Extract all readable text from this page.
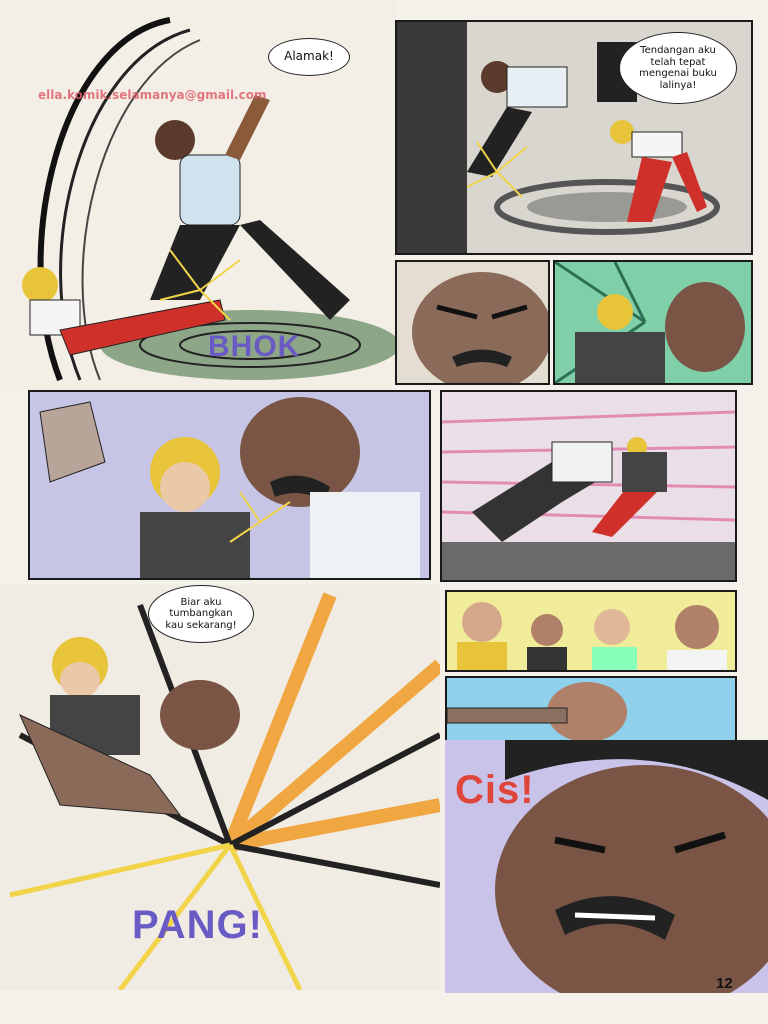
ella.komik.selamanya@gmail.com
Alamak!
BHOK
Tendangan aku telah tepat mengenai buku lalinya!
Biar aku tumbangkan kau sekarang!
PANG!
Cis!
12
